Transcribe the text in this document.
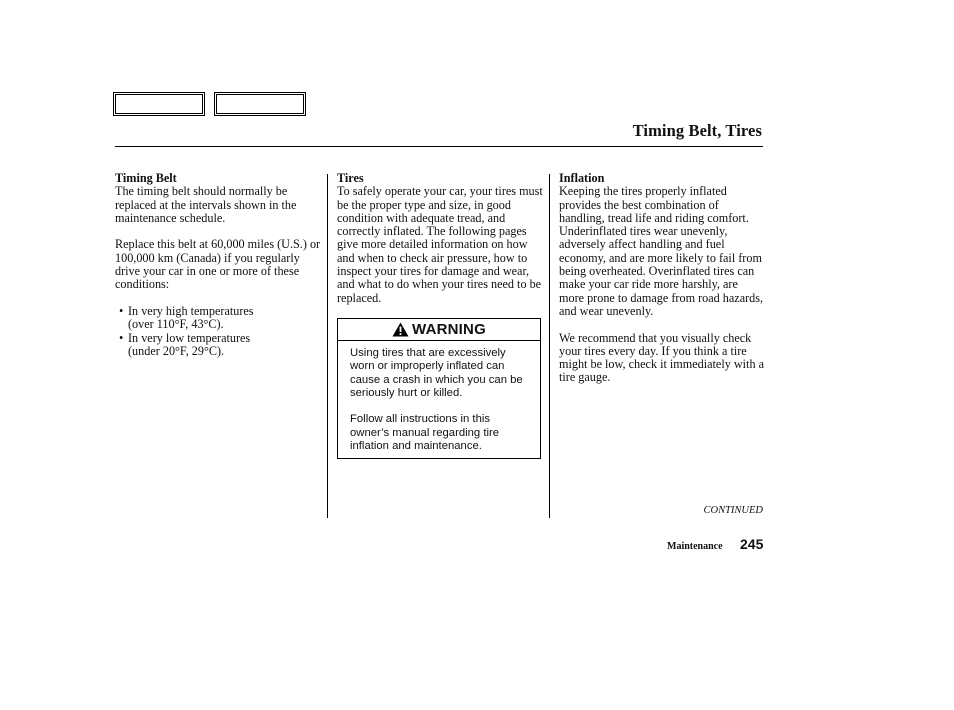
Timing Belt, Tires
Timing Belt

The timing belt should normally be replaced at the intervals shown in the maintenance schedule.

Replace this belt at 60,000 miles (U.S.) or 100,000 km (Canada) if you regularly drive your car in one or more of these conditions:

• In very high temperatures
(over 110°F, 43°C).
• In very low temperatures
(under 20°F, 29°C).
Tires

To safely operate your car, your tires must be the proper type and size, in good condition with adequate tread, and correctly inflated. The following pages give more detailed information on how and when to check air pressure, how to inspect your tires for damage and wear, and what to do when your tires need to be replaced.

WARNING

Using tires that are excessively worn or improperly inflated can cause a crash in which you can be seriously hurt or killed.

Follow all instructions in this owner’s manual regarding tire inflation and maintenance.

Inflation

Keeping the tires properly inflated provides the best combination of handling, tread life and riding comfort. Underinflated tires wear unevenly, adversely affect handling and fuel economy, and are more likely to fail from being overheated. Overinflated tires can make your car ride more harshly, are more prone to damage from road hazards, and wear unevenly.

We recommend that you visually check your tires every day. If you think a tire might be low, check it immediately with a tire gauge.

CONTINUED
Maintenance 245
